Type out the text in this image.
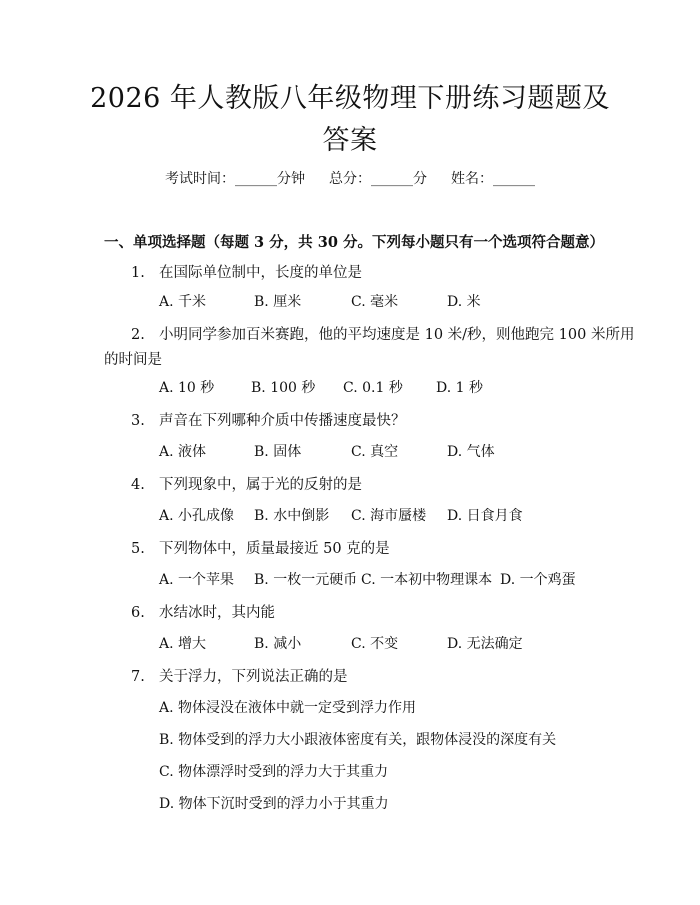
2026 年人教版八年级物理下册练习题题及答案
考试时间：______分钟 总分：______分 姓名：______
一、单项选择题（每题 3 分，共 30 分。下列每小题只有一个选项符合题意）
1. 在国际单位制中，长度的单位是
A. 千米	B. 厘米	C. 毫米	D. 米
2. 小明同学参加百米赛跑，他的平均速度是 10 米/秒，则他跑完 100 米所用
的时间是
A. 10 秒	B. 100 秒 C. 0.1 秒 D. 1 秒
3. 声音在下列哪种介质中传播速度最快？
A. 液体	B. 固体	C. 真空	D. 气体
4. 下列现象中，属于光的反射的是
A. 小孔成像 B. 水中倒影 C. 海市蜃楼 D. 日食月食
5. 下列物体中，质量最接近 50 克的是
A. 一个苹果 B. 一枚一元硬币 C. 一本初中物理课本 D. 一个鸡蛋
6. 水结冰时，其内能
A. 增大	B. 减小	C. 不变	D. 无法确定
7. 关于浮力，下列说法正确的是
A. 物体浸没在液体中就一定受到浮力作用
B. 物体受到的浮力大小跟液体密度有关，跟物体浸没的深度有关
C. 物体漂浮时受到的浮力大于其重力
D. 物体下沉时受到的浮力小于其重力
